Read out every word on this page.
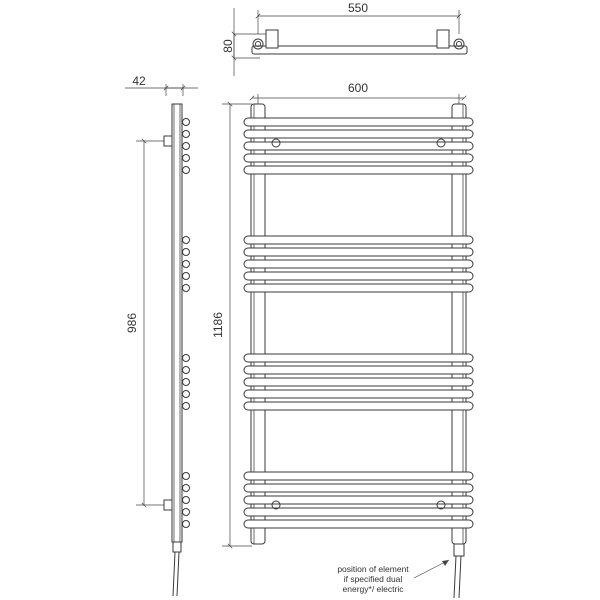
550
80
42
986
600
1186
position of element
if specified dual
energy*/ electric
